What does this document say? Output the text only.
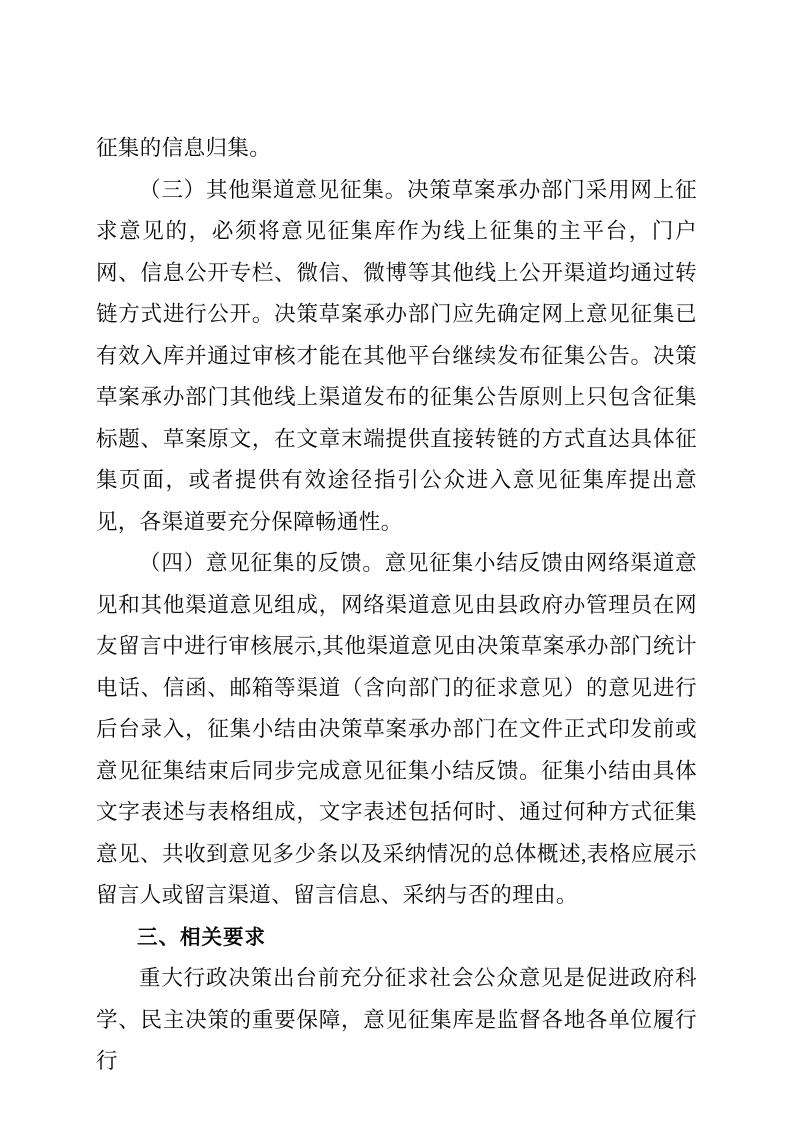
征集的信息归集。

（三）其他渠道意见征集。决策草案承办部门采用网上征求意见的，必须将意见征集库作为线上征集的主平台，门户网、信息公开专栏、微信、微博等其他线上公开渠道均通过转链方式进行公开。决策草案承办部门应先确定网上意见征集已有效入库并通过审核才能在其他平台继续发布征集公告。决策草案承办部门其他线上渠道发布的征集公告原则上只包含征集标题、草案原文，在文章末端提供直接转链的方式直达具体征集页面，或者提供有效途径指引公众进入意见征集库提出意见，各渠道要充分保障畅通性。

（四）意见征集的反馈。意见征集小结反馈由网络渠道意见和其他渠道意见组成，网络渠道意见由县政府办管理员在网友留言中进行审核展示,其他渠道意见由决策草案承办部门统计电话、信函、邮箱等渠道（含向部门的征求意见）的意见进行后台录入，征集小结由决策草案承办部门在文件正式印发前或意见征集结束后同步完成意见征集小结反馈。征集小结由具体文字表述与表格组成，文字表述包括何时、通过何种方式征集意见、共收到意见多少条以及采纳情况的总体概述,表格应展示留言人或留言渠道、留言信息、采纳与否的理由。

三、相关要求

重大行政决策出台前充分征求社会公众意见是促进政府科学、民主决策的重要保障，意见征集库是监督各地各单位履行行
